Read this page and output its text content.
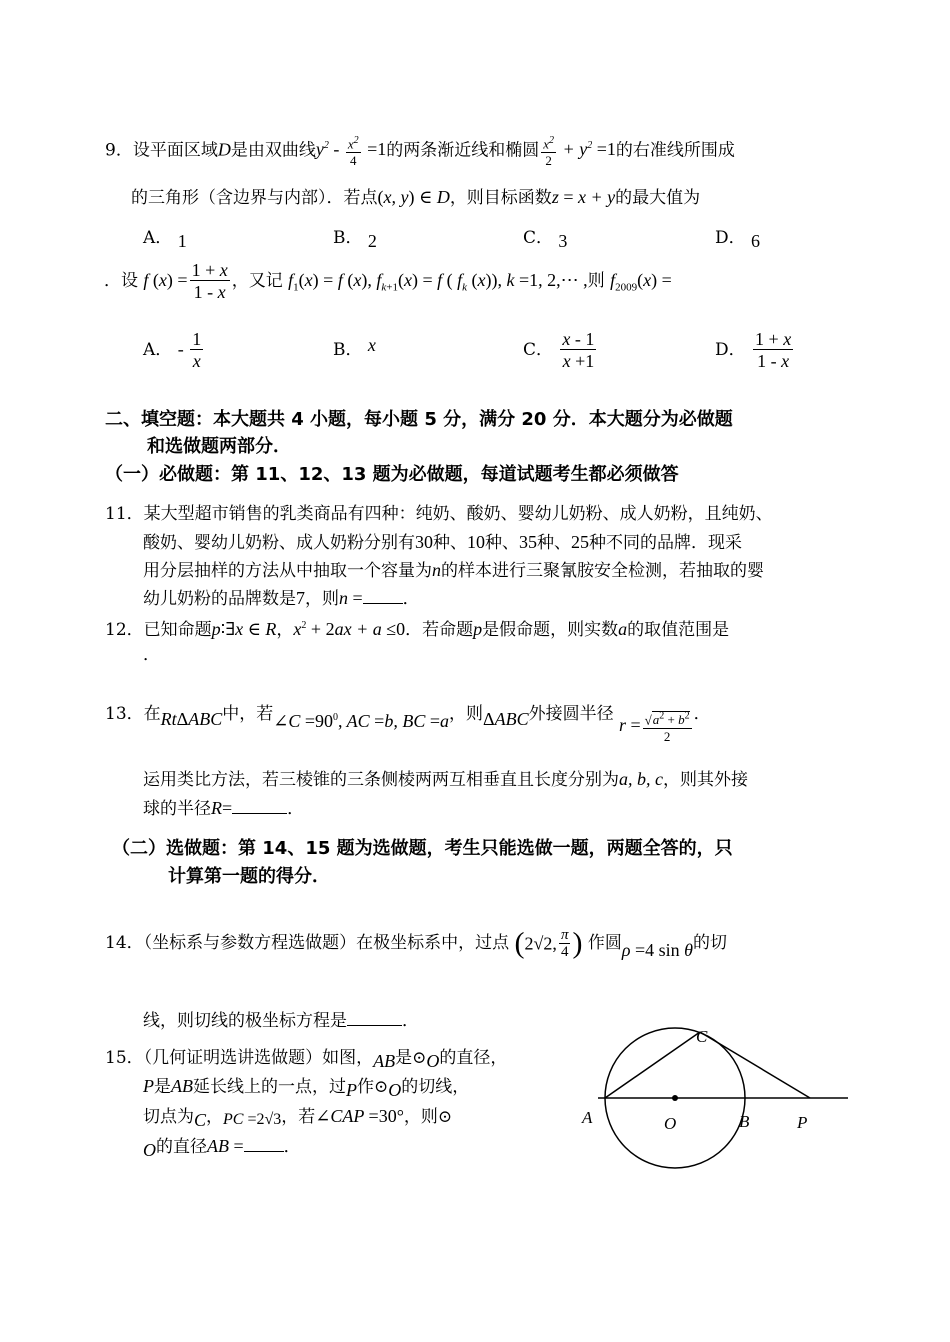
9．设平面区域D是由双曲线$y^2 - \frac{x^2}{4} =1$的两条渐近线和椭圆 $\frac{x^2}{2} + y^2 =1$的右准线所围成
的三角形（含边界与内部）．若点(x, y) ∈ D，则目标函数z = x + y的最大值为
A． 1	B． 2	C． 3	D． 6
．设 f $(x) = \frac{1 + x}{1 - x}$ ，又记 $f_1(x) = f$ (x), $f_{k+1}(x) = f$ ( $f_k$ (x)), k =1, 2,⋯ ,则 $f_{2009}(x)$ =
A． - $\frac{1}{x}$	B． x	C． $\frac{x - 1}{x +1}$	D． $\frac{1 + x}{1 - x}$
二、填空题：本大题共 4 小题，每小题 5 分，满分 20 分．本大题分为必做题
和选做题两部分．
（一）必做题：第 11、12、13 题为必做题，每道试题考生都必须做答
11．某大型超市销售的乳类商品有四种：纯奶、酸奶、婴幼儿奶粉、成人奶粉，且纯奶、
酸奶、婴幼儿奶粉、成人奶粉分别有30种、10种、35种、25种不同的品牌．现采
用分层抽样的方法从中抽取一个容量为n的样本进行三聚氰胺安全检测，若抽取的婴
幼儿奶粉的品牌数是7，则n = ．
12．已知命题p∶∃x ∈ R，$x^2 + 2ax + a \le 0$．若命题p是假命题，则实数a的取值范围是
．
13．在RtΔABC中，若∠C $=90^0$, AC =b, BC =a，则ΔABC外接圆半径 $r = \frac{√a^2 + b^2}{2}$ ．
运用类比方法，若三棱锥的三条侧棱两两互相垂直且长度分别为a, b, c，则其外接
球的半径R=	．
（二）选做题：第 14、15 题为选做题，考生只能选做一题，两题全答的，只
计算第一题的得分．
14．（坐标系与参数方程选做题）在极坐标系中，过点 (2√2, $\frac{\pi}{4}$ ) 作圆ρ =4 sin θ的切
线，则切线的极坐标方程是	．
15．（几何证明选讲选做题）如图，AB是⊙O的直径，
P是AB延长线上的一点，过P作⊙O的切线，
切点为C，PC =2√3，若∠CAP =30°，则⊙
O的直径AB = ．
A	O	B	P
C
